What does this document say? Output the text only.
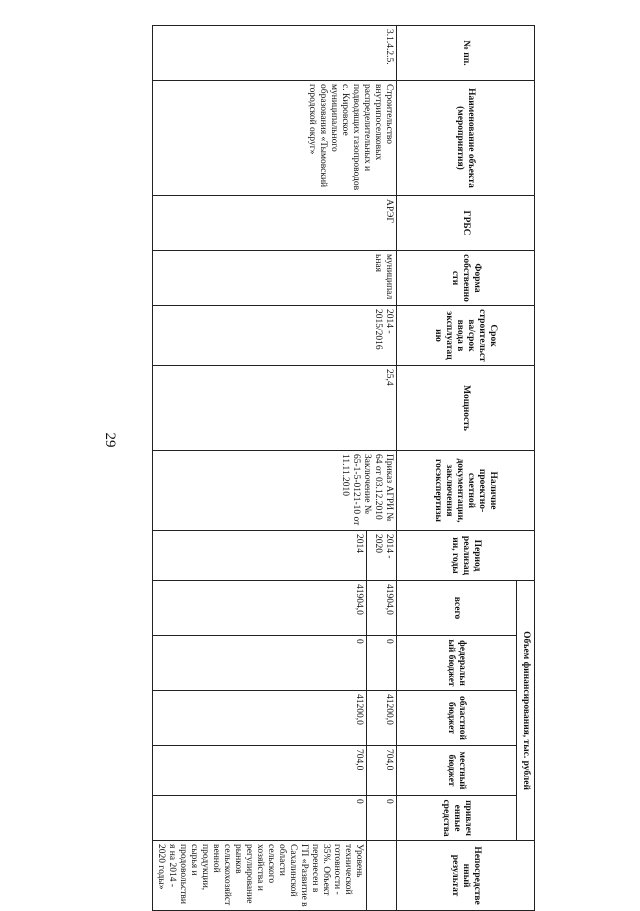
29
№ пп.	Наименование объекта (мероприятия)	ГРБС	Форма собственности	Срок строительства/срок ввода в эксплуатацию	Мощность	Наличие проектно-сметной документации, заключения госэкспертизы	Период реализации, годы	Объем финансирования, тыс. рублей					Непосредственный результат
								всего	федеральный бюджет	областной бюджет	местный бюджет	привлеченные средства	
3.1.4.2.5.	Строительство внутрипоселковых распределительных и подводящих газопроводов с. Кировское муниципального образования «Тымовский городской округ»	АРЭГ	муниципальная	2014 - 2015/2016	25,4	Приказ АГРИ № 64 от 03.12.2010 Заключение № 65-1-5-0121-10 от 11.11.2010	2014 - 2020	41904,0	0	41200,0	704,0	0	
							2014	41904,0	0	41200,0	704,0	0	Уровень технической готовности - 35%. Объект перенесен в ГП «Развитие в Сахалинской области сельского хозяйства и регулирование рынков сельскохозяйственной продукции, сырья и продовольствия на 2014 - 2020 годы»
